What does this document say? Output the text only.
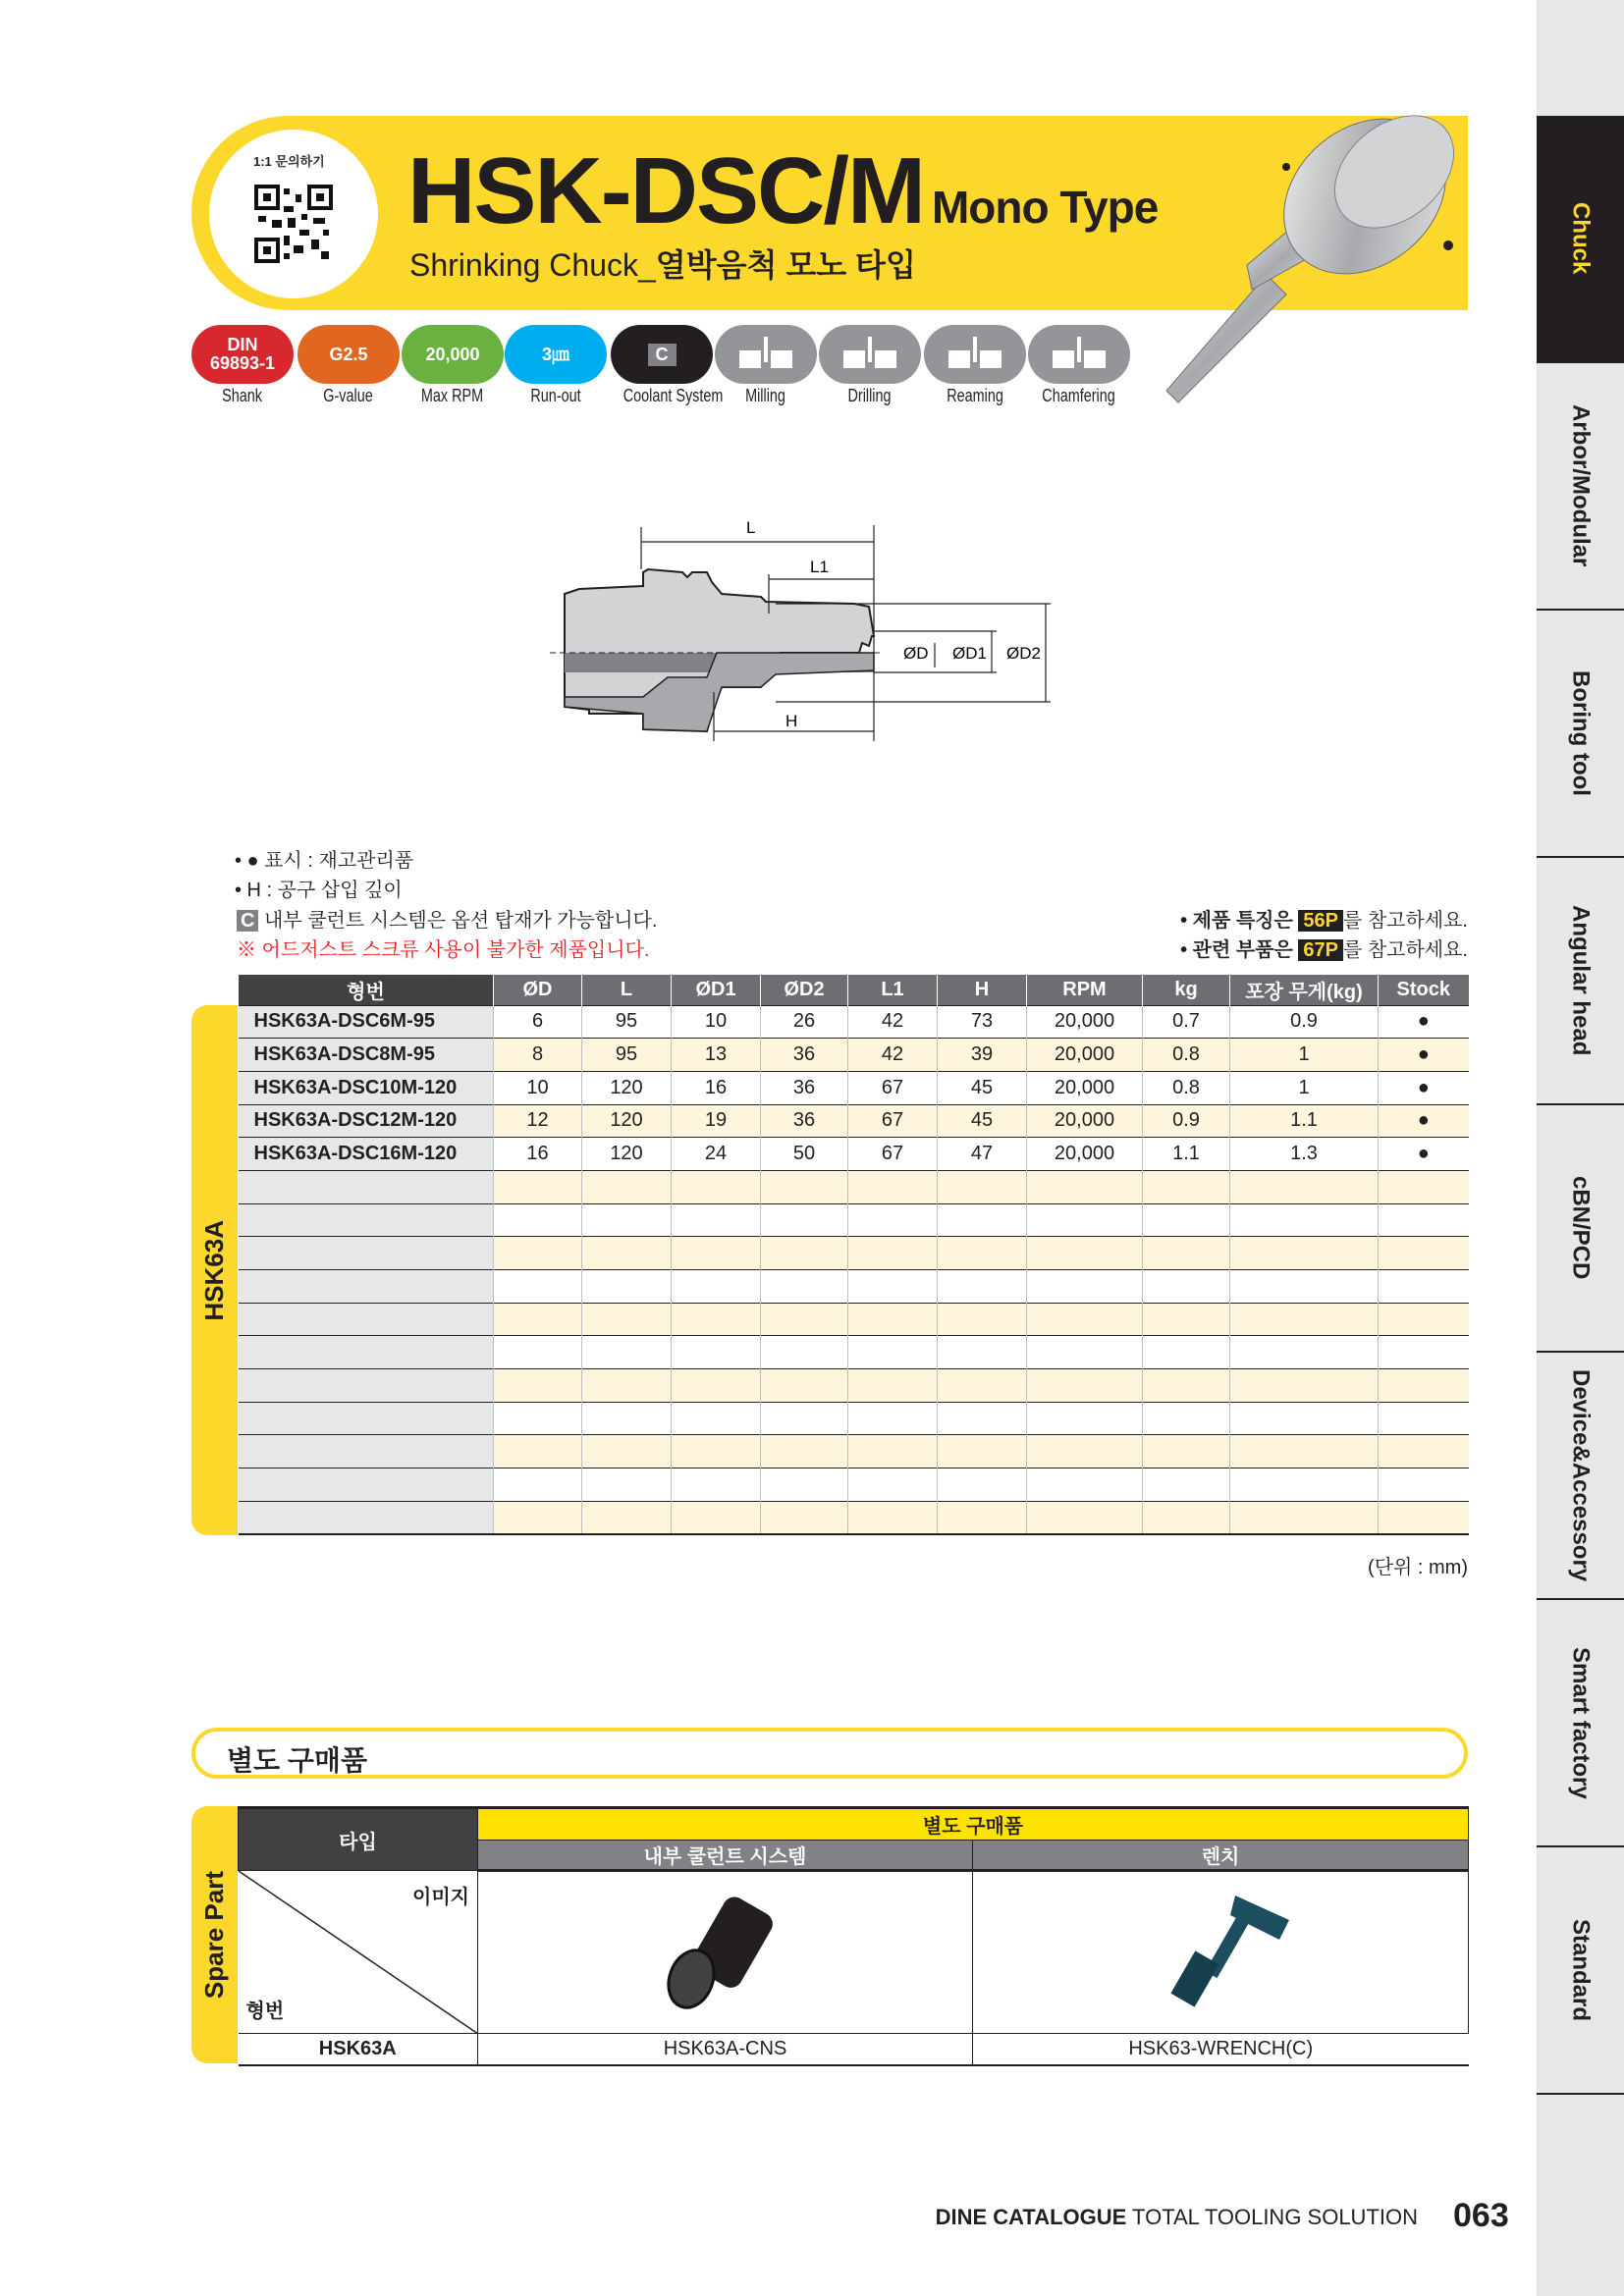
Chuck
Arbor/Modular
Boring tool
Angular head
cBN/PCD
Device&Accessory
Smart factory
Standard
1:1 문의하기 HSK-DSC/M Mono Type
Shrinking Chuck_열박음척 모노 타입
DIN 69893-1
Shank
G2.5
G-value
20,000
Max RPM
3㎛
Run-out
C
Coolant System	Milling	Drilling	Reaming	Chamfering
L
L1
H
ØD ØD1 ØD2
• ● 표시 : 재고관리품
• H : 공구 삽입 깊이
C 내부 쿨런트 시스템은 옵션 탑재가 가능합니다.
※ 어드저스트 스크류 사용이 불가한 제품입니다.
• 제품 특징은 56P 를 참고하세요.
• 관련 부품은 67P 를 참고하세요.
HSK63A
형번	ØD	L	ØD1	ØD2	L1	H	RPM	kg	포장 무게(kg)	Stock
HSK63A-DSC6M-95	6	95	10	26	42	73	20,000	0.7	0.9	●
HSK63A-DSC8M-95	8	95	13	36	42	39	20,000	0.8	1	●
HSK63A-DSC10M-120	10	120	16	36	67	45	20,000	0.8	1	●
HSK63A-DSC12M-120	12	120	19	36	67	45	20,000	0.9	1.1	●
HSK63A-DSC16M-120	16	120	24	50	67	47	20,000	1.1	1.3	●

(단위 : mm)
별도 구매품
Spare Part
타입	별도 구매품	
	내부 쿨런트 시스템	렌치

이미지
형번

HSK63A	HSK63A-CNS	HSK63-WRENCH(C)
DINE CATALOGUE TOTAL TOOLING SOLUTION 063
